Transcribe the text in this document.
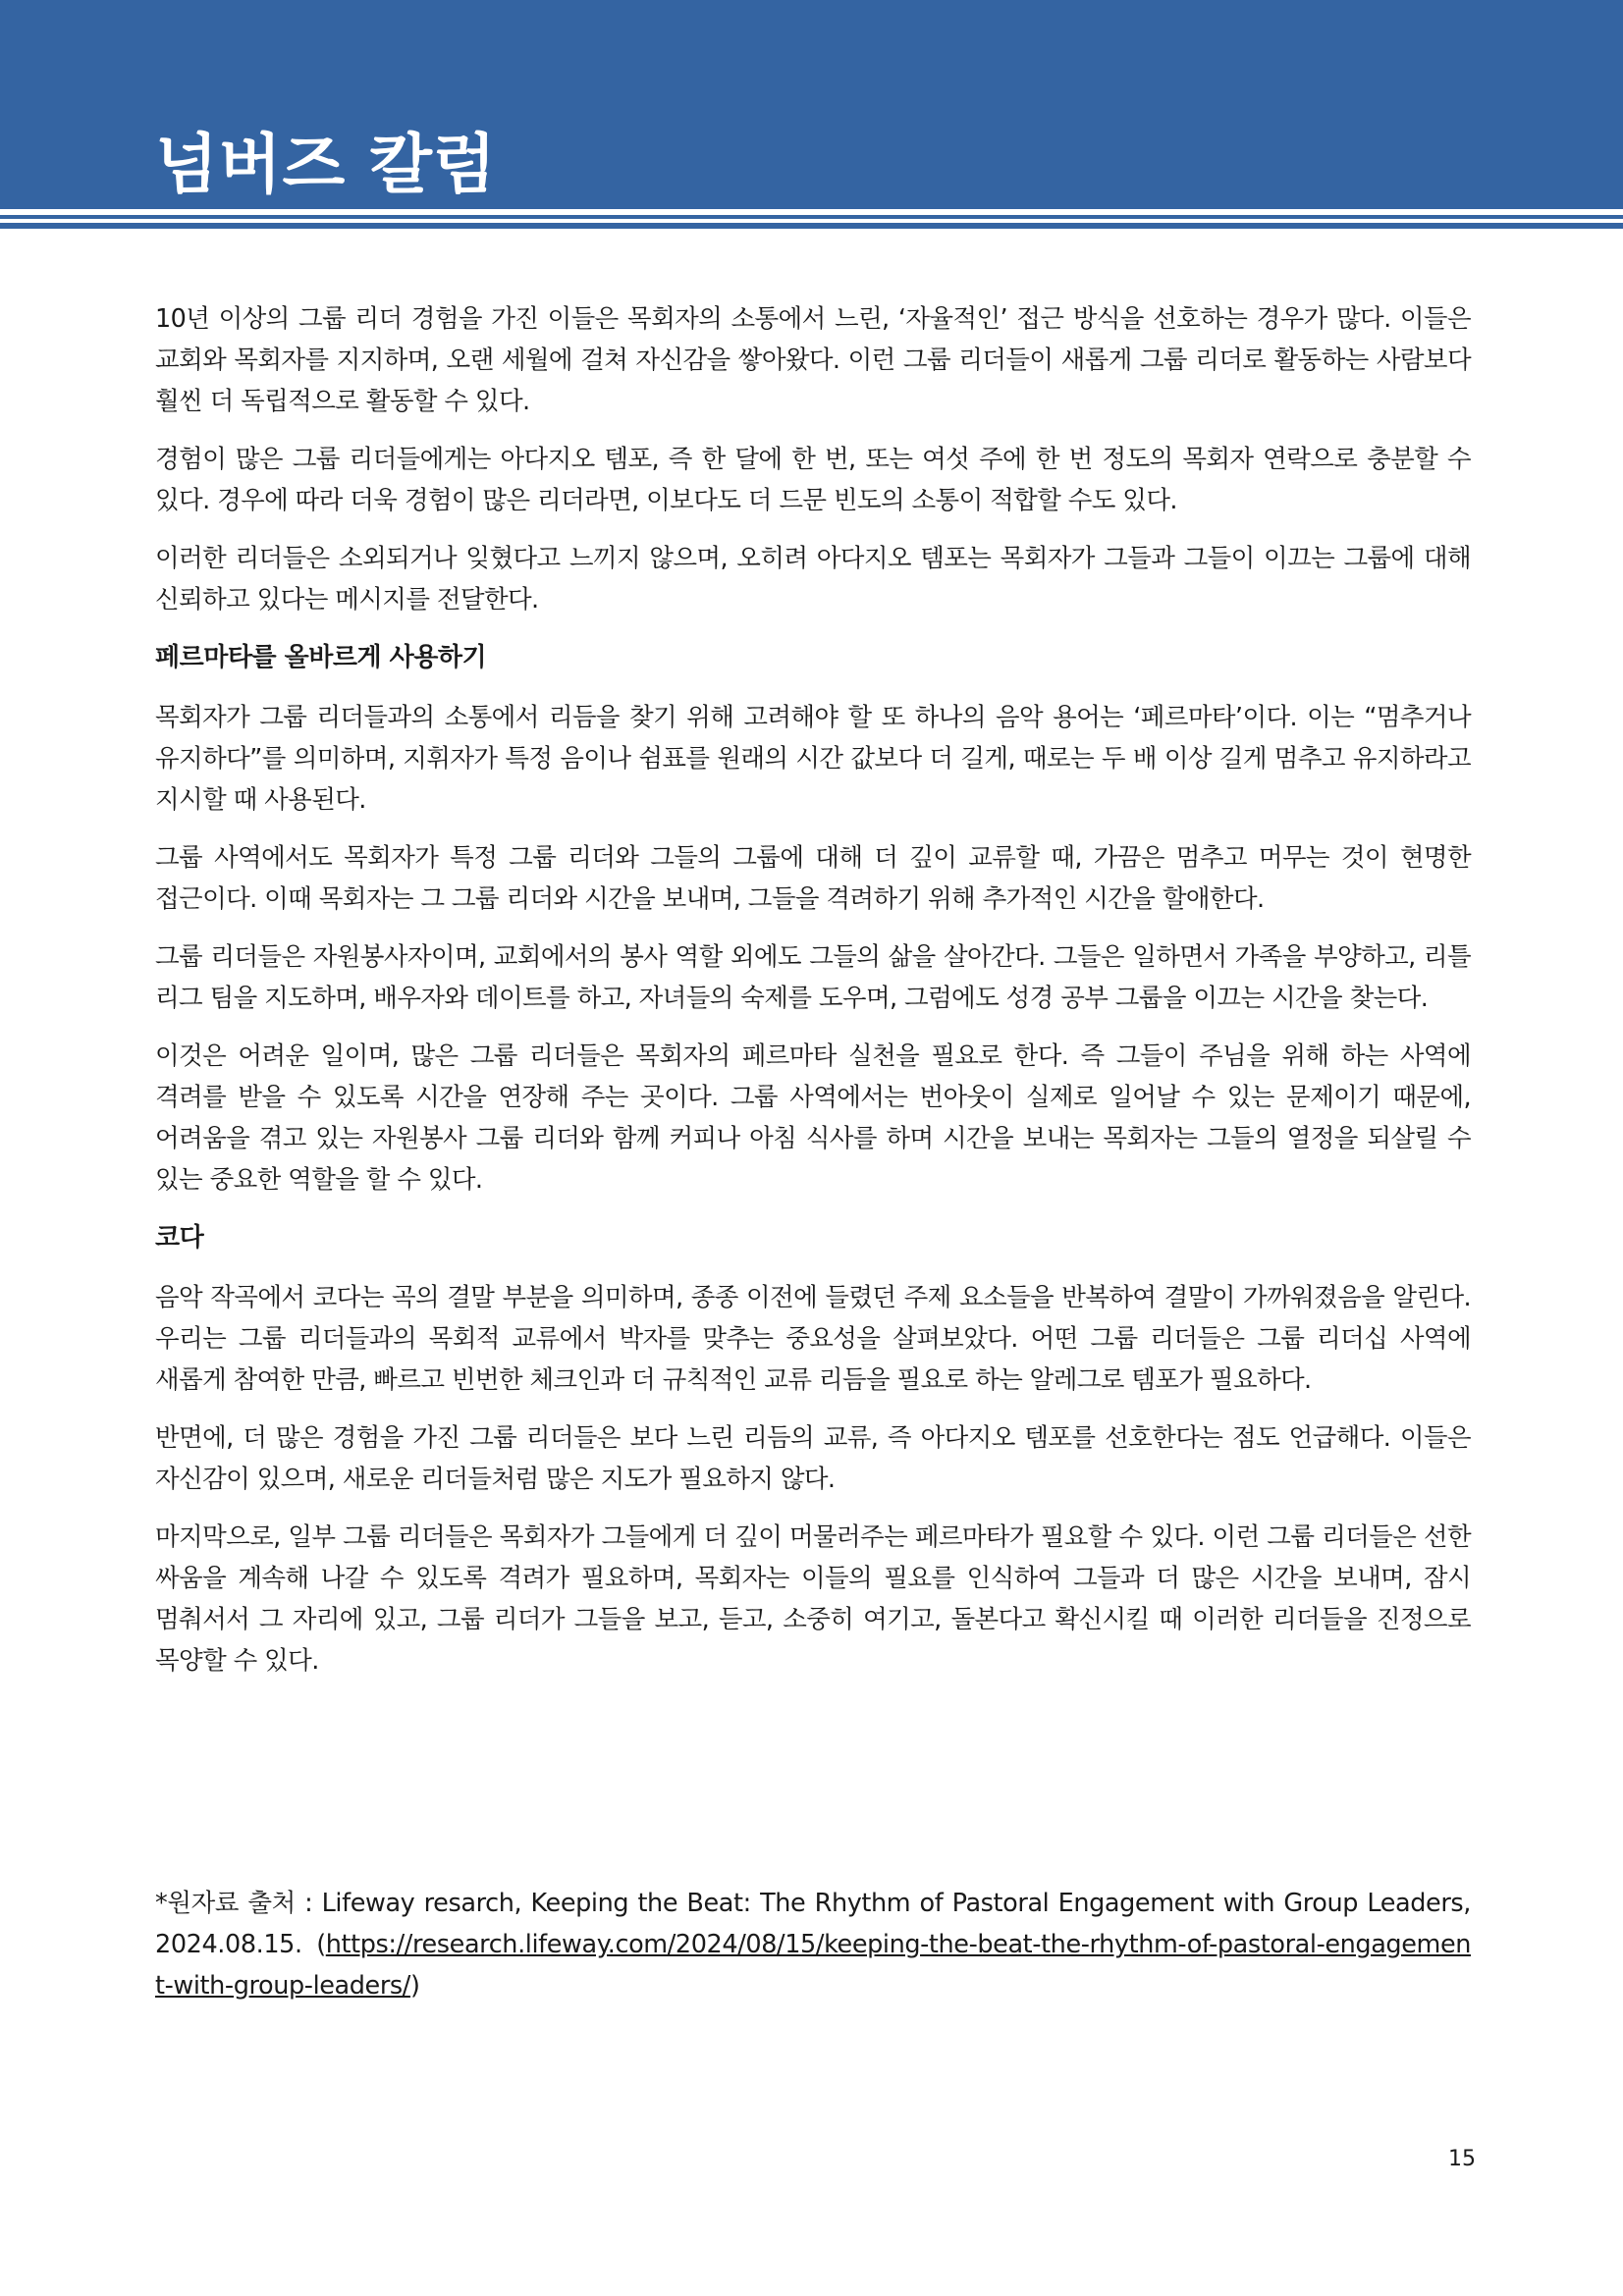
넘버즈 칼럼

10년 이상의 그룹 리더 경험을 가진 이들은 목회자의 소통에서 느린, ‘자율적인’ 접근 방식을 선호하는 경우가 많다. 이들은 교회와 목회자를 지지하며, 오랜 세월에 걸쳐 자신감을 쌓아왔다. 이런 그룹 리더들이 새롭게 그룹 리더로 활동하는 사람보다 훨씬 더 독립적으로 활동할 수 있다.

경험이 많은 그룹 리더들에게는 아다지오 템포, 즉 한 달에 한 번, 또는 여섯 주에 한 번 정도의 목회자 연락으로 충분할 수 있다. 경우에 따라 더욱 경험이 많은 리더라면, 이보다도 더 드문 빈도의 소통이 적합할 수도 있다.

이러한 리더들은 소외되거나 잊혔다고 느끼지 않으며, 오히려 아다지오 템포는 목회자가 그들과 그들이 이끄는 그룹에 대해 신뢰하고 있다는 메시지를 전달한다.

페르마타를 올바르게 사용하기

목회자가 그룹 리더들과의 소통에서 리듬을 찾기 위해 고려해야 할 또 하나의 음악 용어는 ‘페르마타’이다. 이는 “멈추거나 유지하다”를 의미하며, 지휘자가 특정 음이나 쉼표를 원래의 시간 값보다 더 길게, 때로는 두 배 이상 길게 멈추고 유지하라고 지시할 때 사용된다.

그룹 사역에서도 목회자가 특정 그룹 리더와 그들의 그룹에 대해 더 깊이 교류할 때, 가끔은 멈추고 머무는 것이 현명한 접근이다. 이때 목회자는 그 그룹 리더와 시간을 보내며, 그들을 격려하기 위해 추가적인 시간을 할애한다.

그룹 리더들은 자원봉사자이며, 교회에서의 봉사 역할 외에도 그들의 삶을 살아간다. 그들은 일하면서 가족을 부양하고, 리틀 리그 팀을 지도하며, 배우자와 데이트를 하고, 자녀들의 숙제를 도우며, 그럼에도 성경 공부 그룹을 이끄는 시간을 찾는다.

이것은 어려운 일이며, 많은 그룹 리더들은 목회자의 페르마타 실천을 필요로 한다. 즉 그들이 주님을 위해 하는 사역에 격려를 받을 수 있도록 시간을 연장해 주는 곳이다. 그룹 사역에서는 번아웃이 실제로 일어날 수 있는 문제이기 때문에, 어려움을 겪고 있는 자원봉사 그룹 리더와 함께 커피나 아침 식사를 하며 시간을 보내는 목회자는 그들의 열정을 되살릴 수 있는 중요한 역할을 할 수 있다.

코다

음악 작곡에서 코다는 곡의 결말 부분을 의미하며, 종종 이전에 들렸던 주제 요소들을 반복하여 결말이 가까워졌음을 알린다. 우리는 그룹 리더들과의 목회적 교류에서 박자를 맞추는 중요성을 살펴보았다. 어떤 그룹 리더들은 그룹 리더십 사역에 새롭게 참여한 만큼, 빠르고 빈번한 체크인과 더 규칙적인 교류 리듬을 필요로 하는 알레그로 템포가 필요하다.

반면에, 더 많은 경험을 가진 그룹 리더들은 보다 느린 리듬의 교류, 즉 아다지오 템포를 선호한다는 점도 언급해다. 이들은 자신감이 있으며, 새로운 리더들처럼 많은 지도가 필요하지 않다.

마지막으로, 일부 그룹 리더들은 목회자가 그들에게 더 깊이 머물러주는 페르마타가 필요할 수 있다. 이런 그룹 리더들은 선한 싸움을 계속해 나갈 수 있도록 격려가 필요하며, 목회자는 이들의 필요를 인식하여 그들과 더 많은 시간을 보내며, 잠시 멈춰서서 그 자리에 있고, 그룹 리더가 그들을 보고, 듣고, 소중히 여기고, 돌본다고 확신시킬 때 이러한 리더들을 진정으로 목양할 수 있다.

*원자료 출처 : Lifeway resarch, Keeping the Beat: The Rhythm of Pastoral Engagement with Group Leaders, 2024.08.15. (https://research.lifeway.com/2024/08/15/keeping-the-beat-the-rhythm-of-pastoral-engagement-with-group-leaders/)

15
